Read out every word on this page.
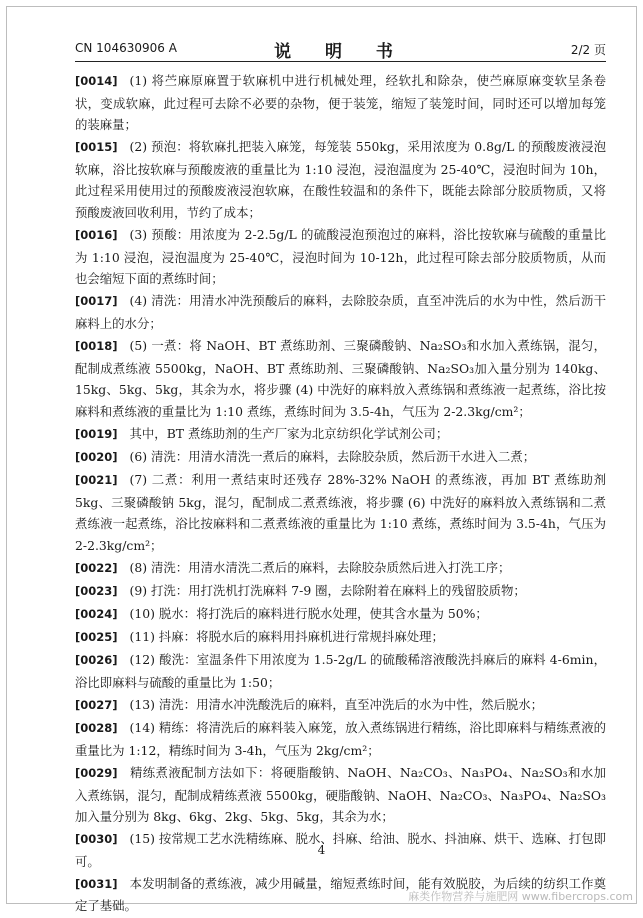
CN 104630906 A	说 明 书	2/2 页
[0014] (1) 将苎麻原麻置于软麻机中进行机械处理，经软扎和除杂，使苎麻原麻变软呈条卷状，变成软麻，此过程可去除不必要的杂物，便于装笼，缩短了装笼时间，同时还可以增加每笼的装麻量；
[0015] (2) 预泡：将软麻扎把装入麻笼，每笼装 550kg，采用浓度为 0.8g/L 的预酸废液浸泡软麻，浴比按软麻与预酸废液的重量比为 1:10 浸泡，浸泡温度为 25-40℃，浸泡时间为 10h，此过程采用使用过的预酸废液浸泡软麻，在酸性较温和的条件下，既能去除部分胶质物质，又将预酸废液回收利用，节约了成本；
[0016] (3) 预酸：用浓度为 2-2.5g/L 的硫酸浸泡预泡过的麻料，浴比按软麻与硫酸的重量比为 1:10 浸泡，浸泡温度为 25-40℃，浸泡时间为 10-12h，此过程可除去部分胶质物质，从而也会缩短下面的煮练时间；
[0017] (4) 清洗：用清水冲洗预酸后的麻料，去除胶杂质，直至冲洗后的水为中性，然后沥干麻料上的水分；
[0018] (5) 一煮：将 NaOH、BT 煮练助剂、三聚磷酸钠、Na₂SO₃和水加入煮练锅，混匀，配制成煮练液 5500kg，NaOH、BT 煮练助剂、三聚磷酸钠、Na₂SO₃加入量分别为 140kg、15kg、5kg、5kg，其余为水，将步骤 (4) 中洗好的麻料放入煮练锅和煮练液一起煮练，浴比按麻料和煮练液的重量比为 1:10 煮练，煮练时间为 3.5-4h，气压为 2-2.3kg/cm²；
[0019] 其中，BT 煮练助剂的生产厂家为北京纺织化学试剂公司；
[0020] (6) 清洗：用清水清洗一煮后的麻料，去除胶杂质，然后沥干水进入二煮；
[0021] (7) 二煮：利用一煮结束时还残存 28%-32% NaOH 的煮练液，再加 BT 煮练助剂 5kg、三聚磷酸钠 5kg，混匀，配制成二煮煮练液，将步骤 (6) 中洗好的麻料放入煮练锅和二煮煮练液一起煮练，浴比按麻料和二煮煮练液的重量比为 1:10 煮练，煮练时间为 3.5-4h，气压为 2-2.3kg/cm²；
[0022] (8) 清洗：用清水清洗二煮后的麻料，去除胶杂质然后进入打洗工序；
[0023] (9) 打洗：用打洗机打洗麻料 7-9 圈，去除附着在麻料上的残留胶质物；
[0024] (10) 脱水：将打洗后的麻料进行脱水处理，使其含水量为 50%；
[0025] (11) 抖麻：将脱水后的麻料用抖麻机进行常规抖麻处理；
[0026] (12) 酸洗：室温条件下用浓度为 1.5-2g/L 的硫酸稀溶液酸洗抖麻后的麻料 4-6min，浴比即麻料与硫酸的重量比为 1:50；
[0027] (13) 清洗：用清水冲洗酸洗后的麻料，直至冲洗后的水为中性，然后脱水；
[0028] (14) 精练：将清洗后的麻料装入麻笼，放入煮练锅进行精练，浴比即麻料与精练煮液的重量比为 1:12，精练时间为 3-4h，气压为 2kg/cm²；
[0029] 精练煮液配制方法如下：将硬脂酸钠、NaOH、Na₂CO₃、Na₃PO₄、Na₂SO₃和水加入煮练锅，混匀，配制成精练煮液 5500kg，硬脂酸钠、NaOH、Na₂CO₃、Na₃PO₄、Na₂SO₃加入量分别为 8kg、6kg、2kg、5kg、5kg，其余为水；
[0030] (15) 按常规工艺水洗精练麻、脱水、抖麻、给油、脱水、抖油麻、烘干、选麻、打包即可。
[0031] 本发明制备的煮练液，减少用碱量，缩短煮练时间，能有效脱胶，为后续的纺织工作奠定了基础。
4
麻类作物营养与施肥网 www.fibercrops.com
